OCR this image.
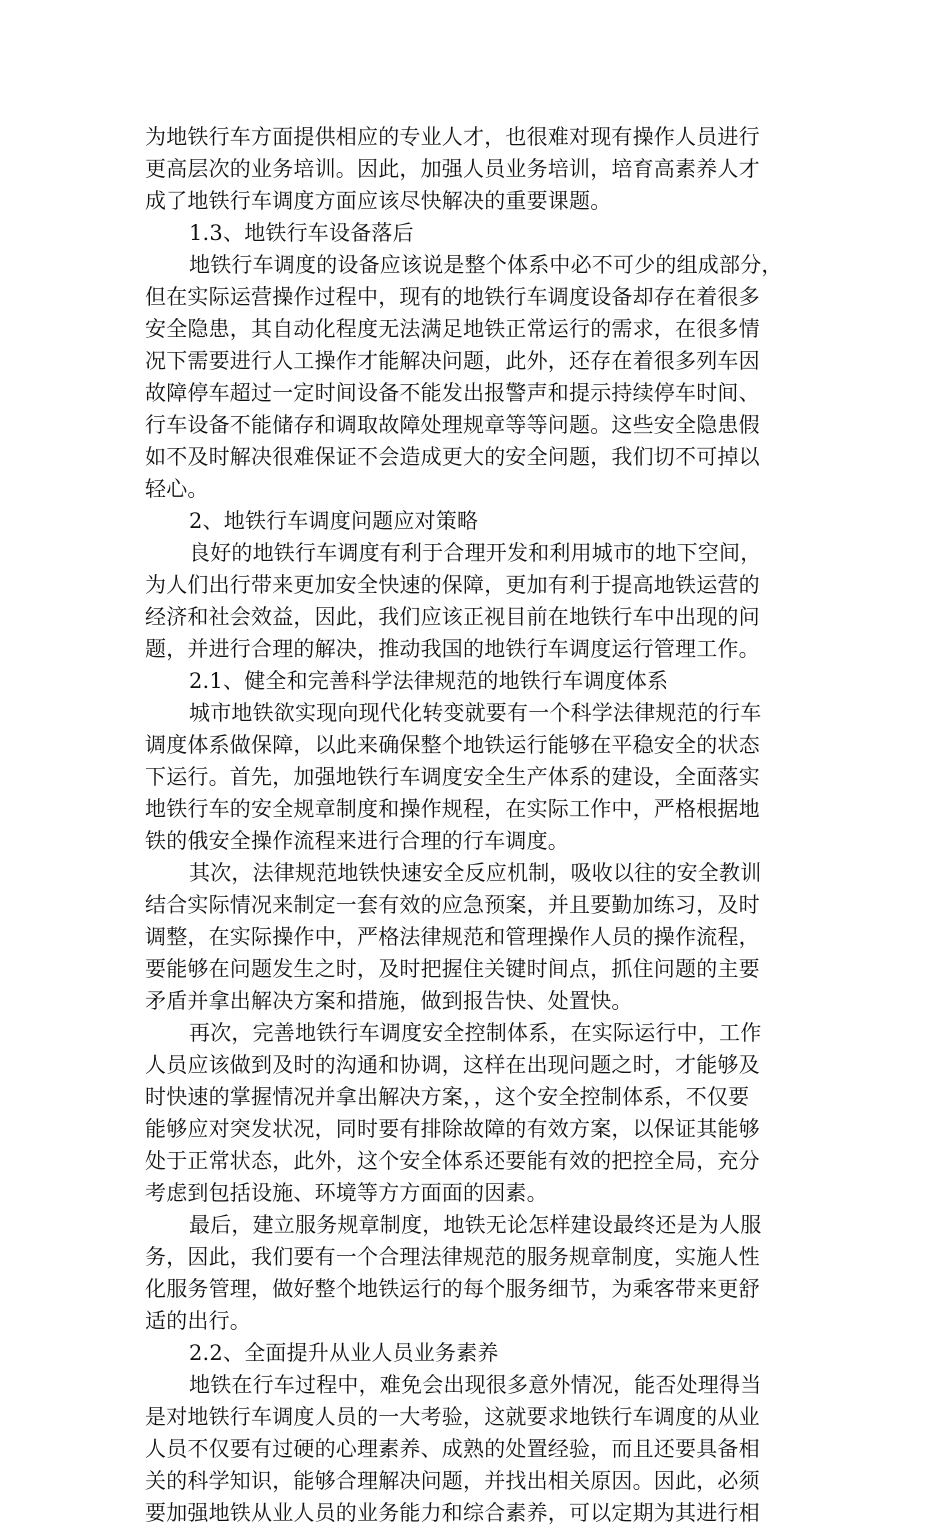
为地铁行车方面提供相应的专业人才，也很难对现有操作人员进行
更高层次的业务培训。因此，加强人员业务培训，培育高素养人才
成了地铁行车调度方面应该尽快解决的重要课题。
1.3、地铁行车设备落后
地铁行车调度的设备应该说是整个体系中必不可少的组成部分，
但在实际运营操作过程中，现有的地铁行车调度设备却存在着很多
安全隐患，其自动化程度无法满足地铁正常运行的需求，在很多情
况下需要进行人工操作才能解决问题，此外，还存在着很多列车因
故障停车超过一定时间设备不能发出报警声和提示持续停车时间、
行车设备不能储存和调取故障处理规章等等问题。这些安全隐患假
如不及时解决很难保证不会造成更大的安全问题，我们切不可掉以
轻心。
2、地铁行车调度问题应对策略
良好的地铁行车调度有利于合理开发和利用城市的地下空间，
为人们出行带来更加安全快速的保障，更加有利于提高地铁运营的
经济和社会效益，因此，我们应该正视目前在地铁行车中出现的问
题，并进行合理的解决，推动我国的地铁行车调度运行管理工作。
2.1、健全和完善科学法律规范的地铁行车调度体系
城市地铁欲实现向现代化转变就要有一个科学法律规范的行车
调度体系做保障，以此来确保整个地铁运行能够在平稳安全的状态
下运行。首先，加强地铁行车调度安全生产体系的建设，全面落实
地铁行车的安全规章制度和操作规程，在实际工作中，严格根据地
铁的俄安全操作流程来进行合理的行车调度。
其次，法律规范地铁快速安全反应机制，吸收以往的安全教训
结合实际情况来制定一套有效的应急预案，并且要勤加练习，及时
调整，在实际操作中，严格法律规范和管理操作人员的操作流程，
要能够在问题发生之时，及时把握住关键时间点，抓住问题的主要
矛盾并拿出解决方案和措施，做到报告快、处置快。
再次，完善地铁行车调度安全控制体系，在实际运行中，工作
人员应该做到及时的沟通和协调，这样在出现问题之时，才能够及
时快速的掌握情况并拿出解决方案，，这个安全控制体系，不仅要
能够应对突发状况，同时要有排除故障的有效方案，以保证其能够
处于正常状态，此外，这个安全体系还要能有效的把控全局，充分
考虑到包括设施、环境等方方面面的因素。
最后，建立服务规章制度，地铁无论怎样建设最终还是为人服
务，因此，我们要有一个合理法律规范的服务规章制度，实施人性
化服务管理，做好整个地铁运行的每个服务细节，为乘客带来更舒
适的出行。
2.2、全面提升从业人员业务素养
地铁在行车过程中，难免会出现很多意外情况，能否处理得当
是对地铁行车调度人员的一大考验，这就要求地铁行车调度的从业
人员不仅要有过硬的心理素养、成熟的处置经验，而且还要具备相
关的科学知识，能够合理解决问题，并找出相关原因。因此，必须
要加强地铁从业人员的业务能力和综合素养，可以定期为其进行相
